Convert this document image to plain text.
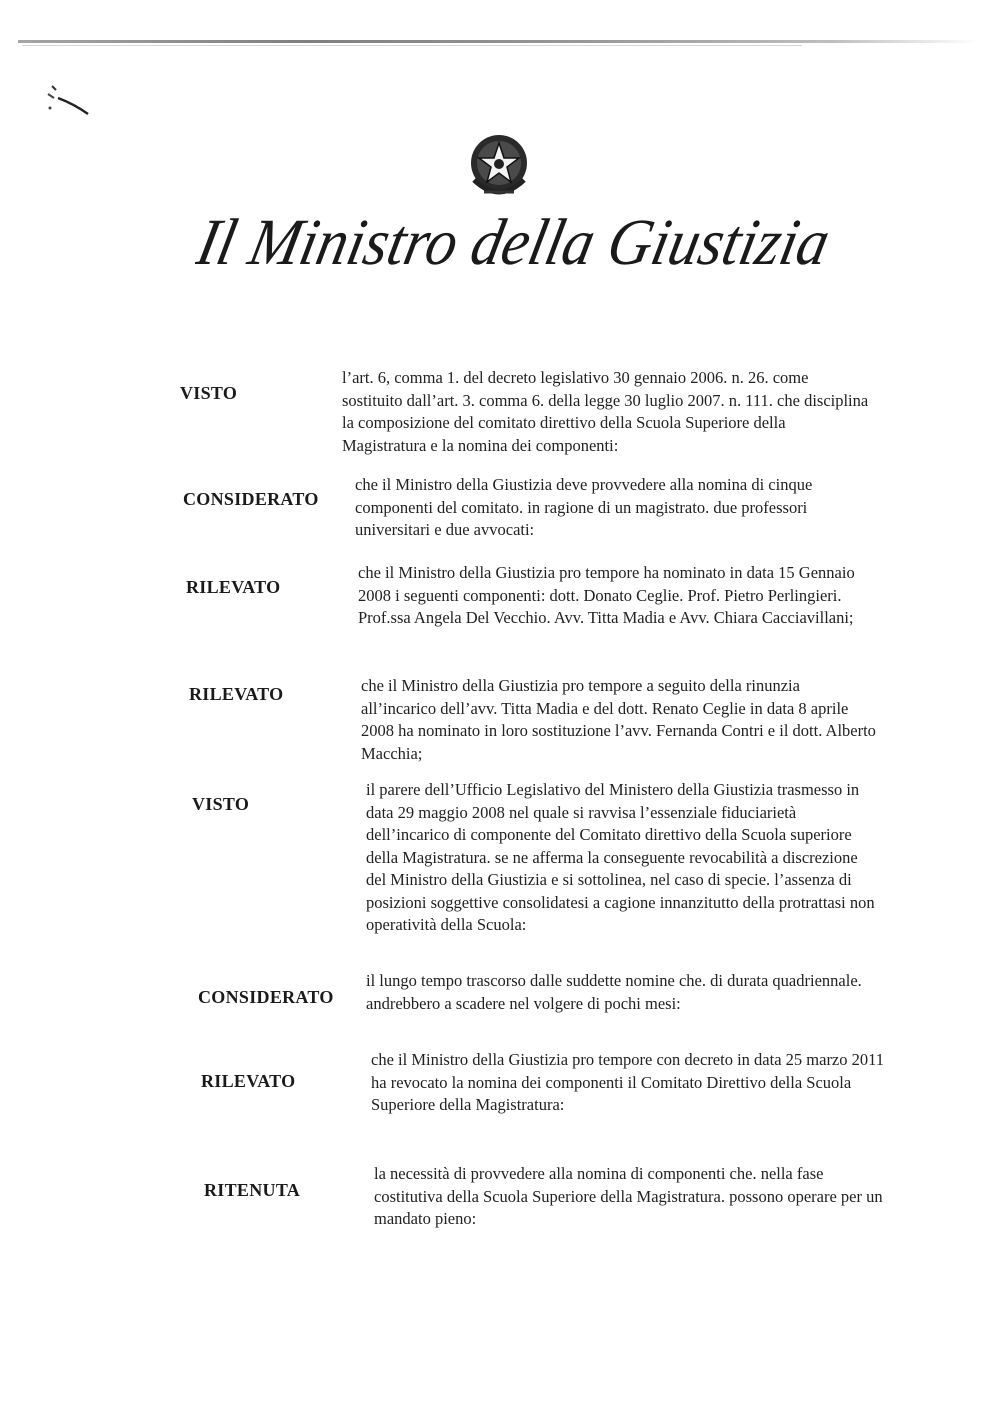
Il Ministro della Giustizia
VISTO
l’art. 6, comma 1. del decreto legislativo 30 gennaio 2006. n. 26. come sostituito dall’art. 3. comma 6. della legge 30 luglio 2007. n. 111. che disciplina la composizione del comitato direttivo della Scuola Superiore della Magistratura e la nomina dei componenti:
CONSIDERATO
che il Ministro della Giustizia deve provvedere alla nomina di cinque componenti del comitato. in ragione di un magistrato. due professori universitari e due avvocati:
RILEVATO
che il Ministro della Giustizia pro tempore ha nominato in data 15 Gennaio 2008 i seguenti componenti: dott. Donato Ceglie. Prof. Pietro Perlingieri. Prof.ssa Angela Del Vecchio. Avv. Titta Madia e Avv. Chiara Cacciavillani;
RILEVATO	che il Ministro della Giustizia pro tempore a seguito della rinunzia all’incarico dell’avv. Titta Madia e del dott. Renato Ceglie in data 8 aprile 2008 ha nominato in loro sostituzione l’avv. Fernanda Contri e il dott. Alberto Macchia;
VISTO
il parere dell’Ufficio Legislativo del Ministero della Giustizia trasmesso in data 29 maggio 2008 nel quale si ravvisa l’essenziale fiduciarietà dell’incarico di componente del Comitato direttivo della Scuola superiore della Magistratura. se ne afferma la conseguente revocabilità a discrezione del Ministro della Giustizia e si sottolinea, nel caso di specie. l’assenza di posizioni soggettive consolidatesi a cagione innanzitutto della protrattasi non operatività della Scuola:
CONSIDERATO
il lungo tempo trascorso dalle suddette nomine che. di durata quadriennale. andrebbero a scadere nel volgere di pochi mesi:
RILEVATO
che il Ministro della Giustizia pro tempore con decreto in data 25 marzo 2011 ha revocato la nomina dei componenti il Comitato Direttivo della Scuola Superiore della Magistratura:
RITENUTA
la necessità di provvedere alla nomina di componenti che. nella fase costitutiva della Scuola Superiore della Magistratura. possono operare per un mandato pieno:
